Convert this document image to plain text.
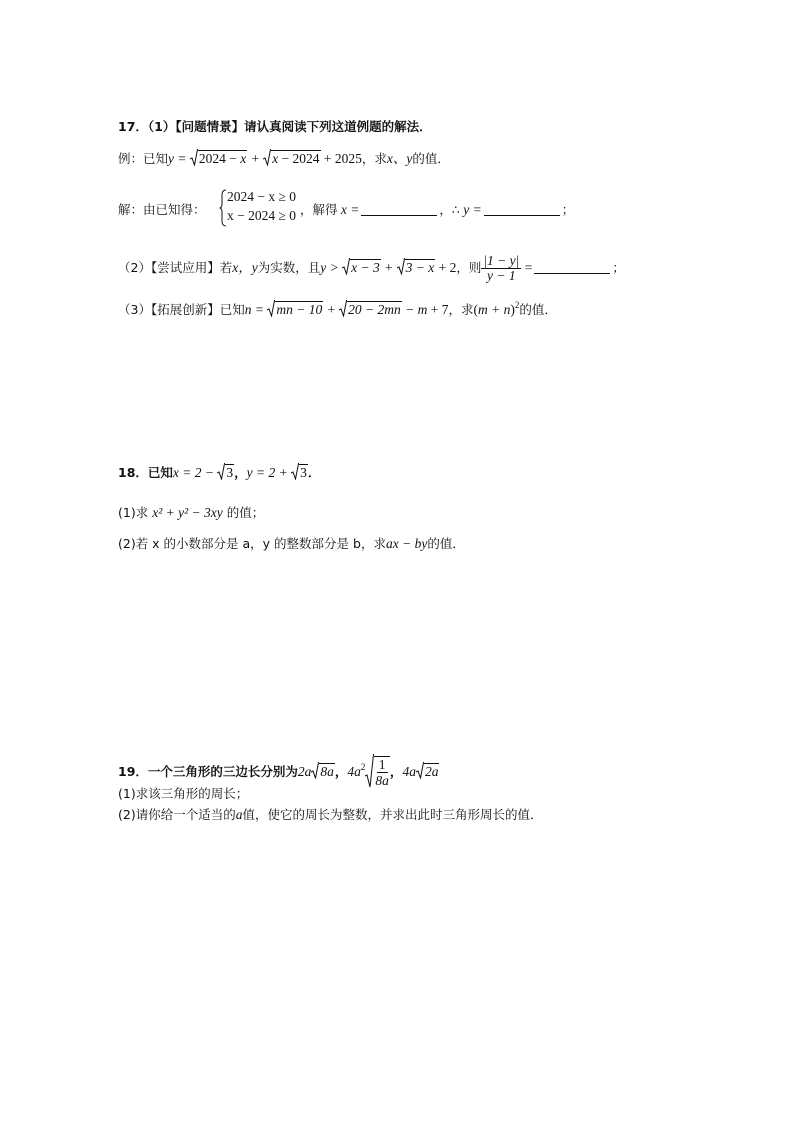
17．（1）【问题情景】请认真阅读下列这道例题的解法．
例：已知y = 2024 − x + x − 2024 + 2025，求x、y的值．
解：由已知得：
2024 − x ≥ 0
x − 2024 ≥ 0 ，解得 x =	，∴ y =	；
（2）【尝试应用】若x，y为实数，且y > x − 3 + 3 − x + 2，则 $\frac{|1 - y|}{y - 1}$ =	；
（3）【拓展创新】已知n = mn − 10 + 20 − 2mn − m + 7，求$(m + n)^2$的值．
18．已知x = 2 − 3 ，y = 2 + 3 ．
(1)求 x² + y² − 3xy 的值；
(2)若 x 的小数部分是 a，y 的整数部分是 b，求ax − by的值．
19．一个三角形的三边长分别为2a 8a ，$4a^2 \frac{1}{8a}$ ，4a 2a
(1)求该三角形的周长；
(2)请你给一个适当的a值，使它的周长为整数，并求出此时三角形周长的值．
